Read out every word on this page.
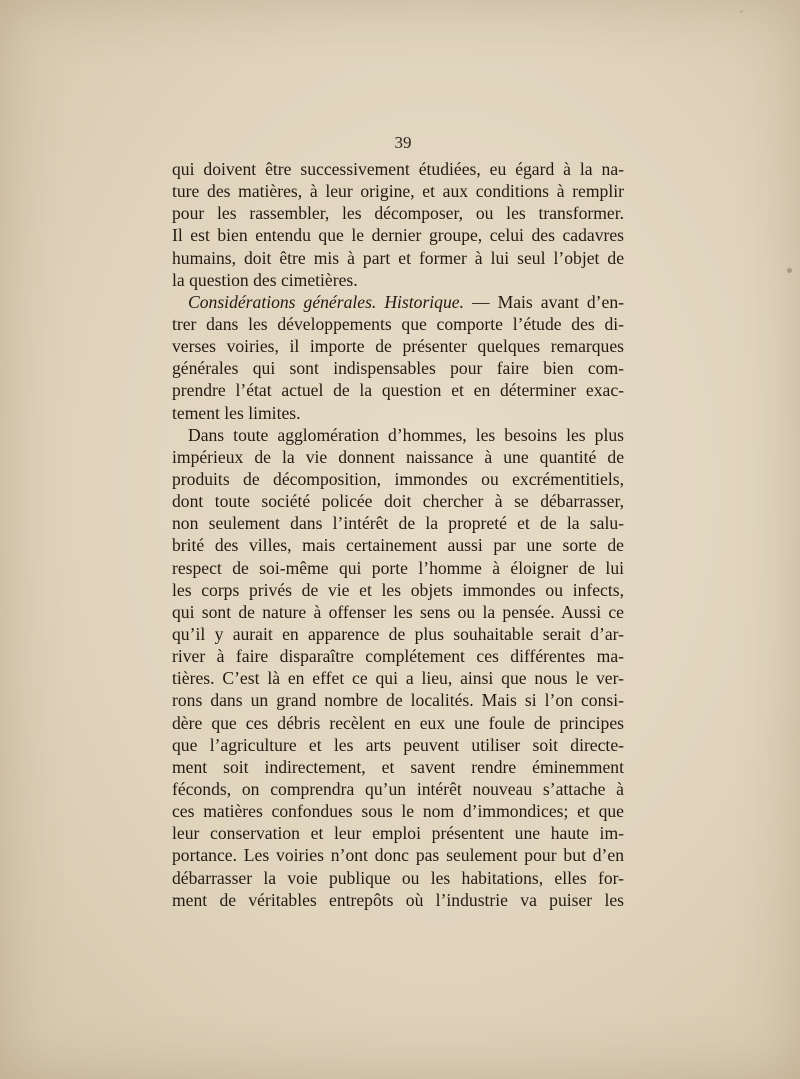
39
qui doivent être successivement étudiées, eu égard à la na-
ture des matières, à leur origine, et aux conditions à remplir
pour les rassembler, les décomposer, ou les transformer.
Il est bien entendu que le dernier groupe, celui des cadavres
humains, doit être mis à part et former à lui seul l’objet de
la question des cimetières.
Considérations générales. Historique. — Mais avant d’en-
trer dans les développements que comporte l’étude des di-
verses voiries, il importe de présenter quelques remarques
générales qui sont indispensables pour faire bien com-
prendre l’état actuel de la question et en déterminer exac-
tement les limites.
Dans toute agglomération d’hommes, les besoins les plus
impérieux de la vie donnent naissance à une quantité de
produits de décomposition, immondes ou excrémentitiels,
dont toute société policée doit chercher à se débarrasser,
non seulement dans l’intérêt de la propreté et de la salu-
brité des villes, mais certainement aussi par une sorte de
respect de soi-même qui porte l’homme à éloigner de lui
les corps privés de vie et les objets immondes ou infects,
qui sont de nature à offenser les sens ou la pensée. Aussi ce
qu’il y aurait en apparence de plus souhaitable serait d’ar-
river à faire disparaître complétement ces différentes ma-
tières. C’est là en effet ce qui a lieu, ainsi que nous le ver-
rons dans un grand nombre de localités. Mais si l’on consi-
dère que ces débris recèlent en eux une foule de principes
que l’agriculture et les arts peuvent utiliser soit directe-
ment soit indirectement, et savent rendre éminemment
féconds, on comprendra qu’un intérêt nouveau s’attache à
ces matières confondues sous le nom d’immondices; et que
leur conservation et leur emploi présentent une haute im-
portance. Les voiries n’ont donc pas seulement pour but d’en
débarrasser la voie publique ou les habitations, elles for-
ment de véritables entrepôts où l’industrie va puiser les
